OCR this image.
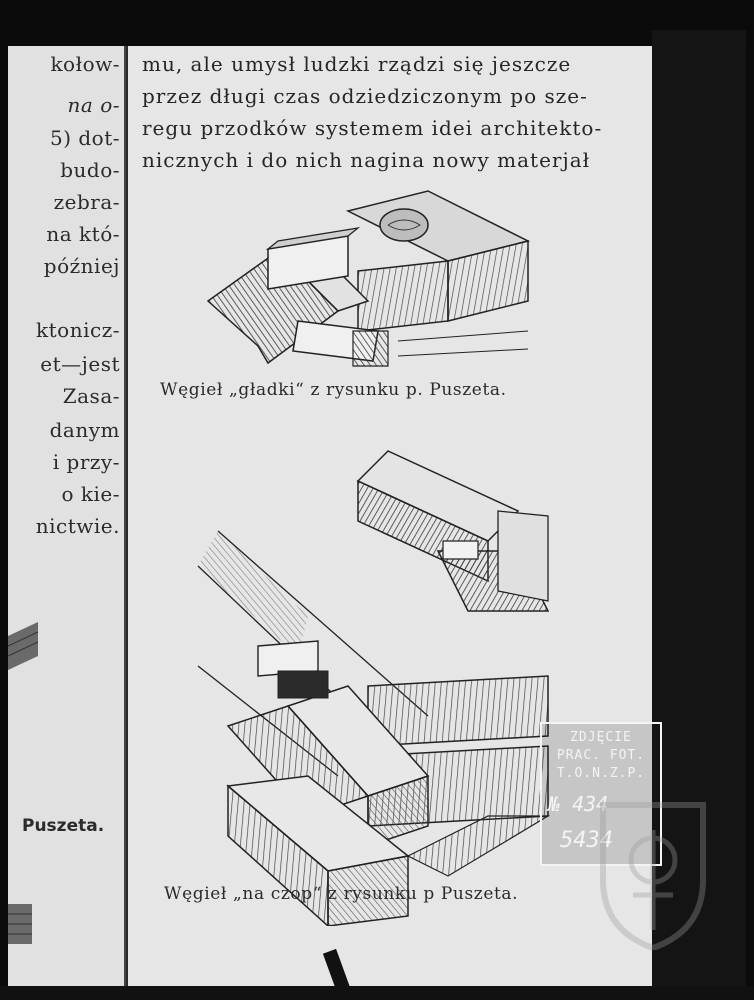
kołow-
na o-
5) dot-
budo-
zebra-
na któ-
później
ktonicz-
et—jest
Zasa-
danym
i przy-
o kie-
nictwie.
Puszeta.
mu, ale umysł ludzki rządzi się jeszcze
przez długi czas odziedziczonym po sze-
regu przodków systemem idei architekto-
nicznych i do nich nagina nowy materjał
Węgieł „gładki“ z rysunku p. Puszeta.
Węgieł „na czop“ z rysunku p Puszeta.
ZDJĘCIE
PRAC. FOT.
T.O.N.Z.P.
№ 434
5434
